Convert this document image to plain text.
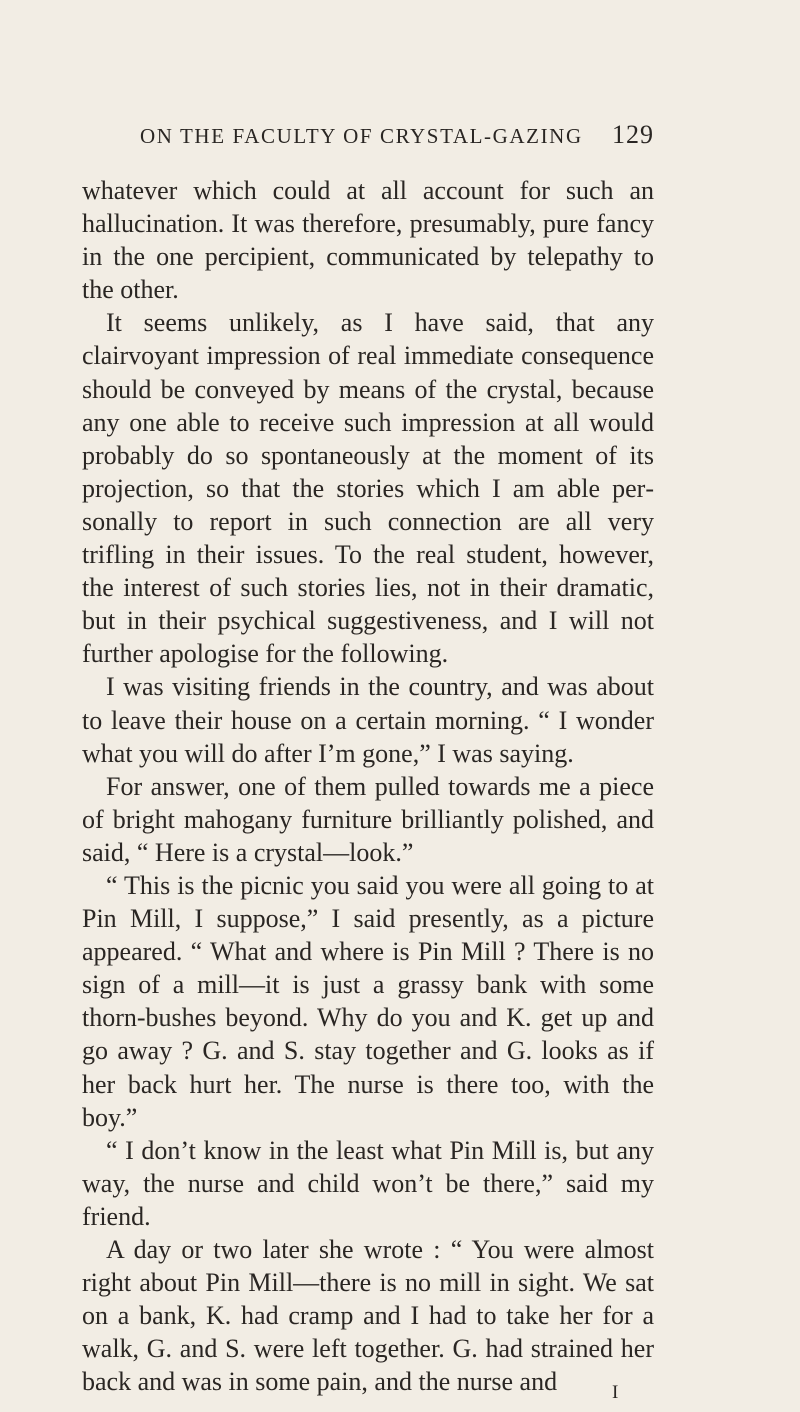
ON THE FACULTY OF CRYSTAL-GAZING 129

whatever which could at all account for such an hallucination. It was therefore, presumably, pure fancy in the one percipient, communicated by telepathy to the other.

It seems unlikely, as I have said, that any clairvoyant impression of real immediate consequence should be conveyed by means of the crystal, because any one able to receive such impression at all would probably do so spontaneously at the moment of its projection, so that the stories which I am able personally to report in such connection are all very trifling in their issues. To the real student, however, the interest of such stories lies, not in their dramatic, but in their psychical suggestiveness, and I will not further apologise for the following.

I was visiting friends in the country, and was about to leave their house on a certain morning. “ I wonder what you will do after I’m gone,” I was saying.

For answer, one of them pulled towards me a piece of bright mahogany furniture brilliantly polished, and said, “ Here is a crystal—look.”

“ This is the picnic you said you were all going to at Pin Mill, I suppose,” I said presently, as a picture appeared. “ What and where is Pin Mill ? There is no sign of a mill—it is just a grassy bank with some thorn-bushes beyond. Why do you and K. get up and go away ? G. and S. stay together and G. looks as if her back hurt her. The nurse is there too, with the boy.”

“ I don’t know in the least what Pin Mill is, but any way, the nurse and child won’t be there,” said my friend.

A day or two later she wrote : “ You were almost right about Pin Mill—there is no mill in sight. We sat on a bank, K. had cramp and I had to take her for a walk, G. and S. were left together. G. had strained her back and was in some pain, and the nurse and	I
